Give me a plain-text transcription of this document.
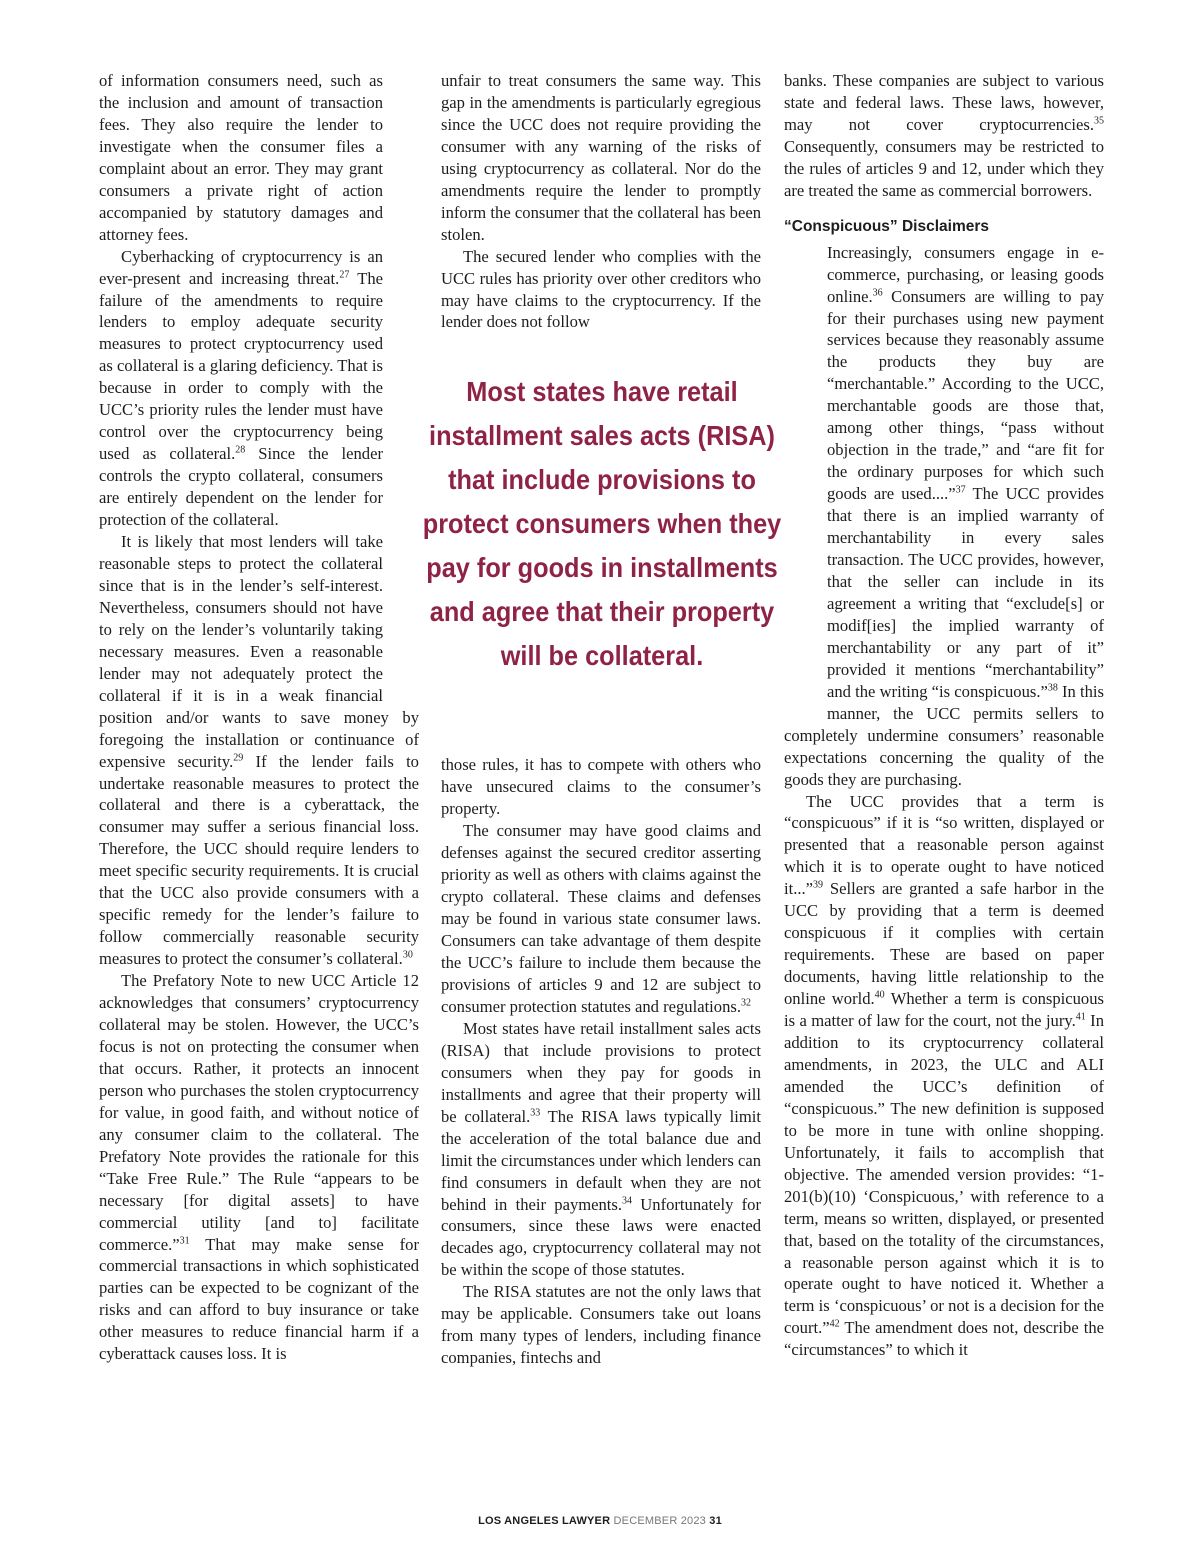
of information consumers need, such as the inclusion and amount of transaction fees. They also require the lender to investigate when the consumer files a complaint about an error. They may grant consumers a private right of action accompanied by statutory damages and attorney fees.

Cyberhacking of cryptocurrency is an ever-present and increasing threat.$^{27}$ The failure of the amendments to require lenders to employ adequate security measures to protect cryptocurrency used as collateral is a glaring deficiency. That is because in order to comply with the UCC’s priority rules the lender must have control over the cryptocurrency being used as collateral.$^{28}$ Since the lender controls the crypto collateral, consumers are entirely dependent on the lender for protection of the collateral.

It is likely that most lenders will take reasonable steps to protect the collateral since that is in the lender’s self-interest. Nevertheless, consumers should not have to rely on the lender’s voluntarily taking necessary measures. Even a reasonable lender may not adequately protect the collateral if it is in a weak financial position and/or wants to save money by foregoing the installation or continuance of expensive security.$^{29}$ If the lender fails to undertake reasonable measures to protect the collateral and there is a cyberattack, the consumer may suffer a serious financial loss. Therefore, the UCC should require lenders to meet specific security requirements. It is crucial that the UCC also provide consumers with a specific remedy for the lender’s failure to follow commercially reasonable security measures to protect the consumer’s collateral.$^{30}$

The Prefatory Note to new UCC Article 12 acknowledges that consumers’ cryptocurrency collateral may be stolen. However, the UCC’s focus is not on protecting the consumer when that occurs. Rather, it protects an innocent person who purchases the stolen cryptocurrency for value, in good faith, and without notice of any consumer claim to the collateral. The Prefatory Note provides the rationale for this “Take Free Rule.” The Rule “appears to be necessary [for digital assets] to have commercial utility [and to] facilitate commerce.”$^{31}$ That may make sense for commercial transactions in which sophisticated parties can be expected to be cognizant of the risks and can afford to buy insurance or take other measures to reduce financial harm if a cyberattack causes loss. It is

unfair to treat consumers the same way. This gap in the amendments is particularly egregious since the UCC does not require providing the consumer with any warning of the risks of using cryptocurrency as collateral. Nor do the amendments require the lender to promptly inform the consumer that the collateral has been stolen.

The secured lender who complies with the UCC rules has priority over other creditors who may have claims to the cryptocurrency. If the lender does not follow

those rules, it has to compete with others who have unsecured claims to the consumer’s property.

The consumer may have good claims and defenses against the secured creditor asserting priority as well as others with claims against the crypto collateral. These claims and defenses may be found in various state consumer laws. Consumers can take advantage of them despite the UCC’s failure to include them because the provisions of articles 9 and 12 are subject to consumer protection statutes and regulations.$^{32}$

Most states have retail installment sales acts (RISA) that include provisions to protect consumers when they pay for goods in installments and agree that their property will be collateral.$^{33}$ The RISA laws typically limit the acceleration of the total balance due and limit the circumstances under which lenders can find consumers in default when they are not behind in their payments.$^{34}$ Unfortunately for consumers, since these laws were enacted decades ago, cryptocurrency collateral may not be within the scope of those statutes.

The RISA statutes are not the only laws that may be applicable. Consumers take out loans from many types of lenders, including finance companies, fintechs and

banks. These companies are subject to various state and federal laws. These laws, however, may not cover cryptocurrencies.$^{35}$ Consequently, consumers may be restricted to the rules of articles 9 and 12, under which they are treated the same as commercial borrowers.

“Conspicuous” Disclaimers

Increasingly, consumers engage in e-commerce, purchasing, or leasing goods online.$^{36}$ Consumers are willing to pay for their purchases using new payment services because they reasonably assume the products they buy are “merchantable.” According to the UCC, merchantable goods are those that, among other things, “pass without objection in the trade,” and “are fit for the ordinary purposes for which such goods are used....”$^{37}$ The UCC provides that there is an implied warranty of merchantability in every sales transaction. The UCC provides, however, that the seller can include in its agreement a writing that “exclude[s] or modif[ies] the implied warranty of merchantability or any part of it” provided it mentions “merchantability” and the writing “is conspicuous.”$^{38}$ In this manner, the UCC permits sellers to completely undermine consumers’ reasonable expectations concerning the quality of the goods they are purchasing.

The UCC provides that a term is “conspicuous” if it is “so written, displayed or presented that a reasonable person against which it is to operate ought to have noticed it...”$^{39}$ Sellers are granted a safe harbor in the UCC by providing that a term is deemed conspicuous if it complies with certain requirements. These are based on paper documents, having little relationship to the online world.$^{40}$ Whether a term is conspicuous is a matter of law for the court, not the jury.$^{41}$ In addition to its cryptocurrency collateral amendments, in 2023, the ULC and ALI amended the UCC’s definition of “conspicuous.” The new definition is supposed to be more in tune with online shopping. Unfortunately, it fails to accomplish that objective. The amended version provides: “1-201(b)(10) ‘Conspicuous,’ with reference to a term, means so written, displayed, or presented that, based on the totality of the circumstances, a reasonable person against which it is to operate ought to have noticed it. Whether a term is ‘conspicuous’ or not is a decision for the court.”$^{42}$ The amendment does not, describe the “circumstances” to which it

Most states have retail installment sales acts (RISA) that include provisions to protect consumers when they pay for goods in installments and agree that their property will be collateral.
LOS ANGELES LAWYER DECEMBER 2023 31
